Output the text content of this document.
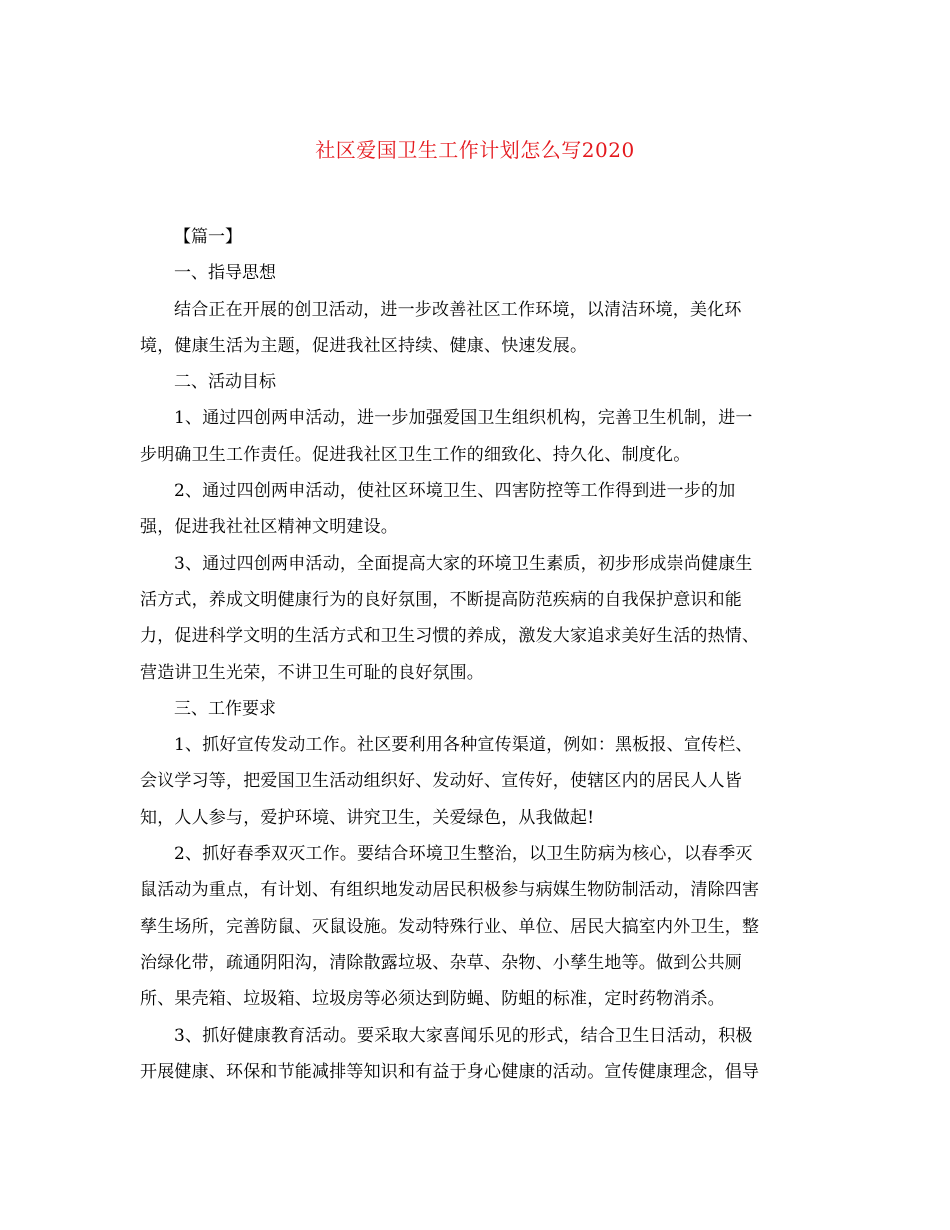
社区爱国卫生工作计划怎么写2020
【篇一】
一、指导思想
结合正在开展的创卫活动，进一步改善社区工作环境，以清洁环境，美化环
境，健康生活为主题，促进我社区持续、健康、快速发展。
二、活动目标
1、通过四创两申活动，进一步加强爱国卫生组织机构，完善卫生机制，进一
步明确卫生工作责任。促进我社区卫生工作的细致化、持久化、制度化。
2、通过四创两申活动，使社区环境卫生、四害防控等工作得到进一步的加
强，促进我社社区精神文明建设。
3、通过四创两申活动，全面提高大家的环境卫生素质，初步形成崇尚健康生
活方式，养成文明健康行为的良好氛围，不断提高防范疾病的自我保护意识和能
力，促进科学文明的生活方式和卫生习惯的养成，激发大家追求美好生活的热情、
营造讲卫生光荣，不讲卫生可耻的良好氛围。
三、工作要求
1、抓好宣传发动工作。社区要利用各种宣传渠道，例如：黑板报、宣传栏、
会议学习等，把爱国卫生活动组织好、发动好、宣传好，使辖区内的居民人人皆
知，人人参与，爱护环境、讲究卫生，关爱绿色，从我做起!
2、抓好春季双灭工作。要结合环境卫生整治，以卫生防病为核心，以春季灭
鼠活动为重点，有计划、有组织地发动居民积极参与病媒生物防制活动，清除四害
孳生场所，完善防鼠、灭鼠设施。发动特殊行业、单位、居民大搞室内外卫生，整
治绿化带，疏通阴阳沟，清除散露垃圾、杂草、杂物、小孳生地等。做到公共厕
所、果壳箱、垃圾箱、垃圾房等必须达到防蝇、防蛆的标准，定时药物消杀。
3、抓好健康教育活动。要采取大家喜闻乐见的形式，结合卫生日活动，积极
开展健康、环保和节能减排等知识和有益于身心健康的活动。宣传健康理念，倡导
